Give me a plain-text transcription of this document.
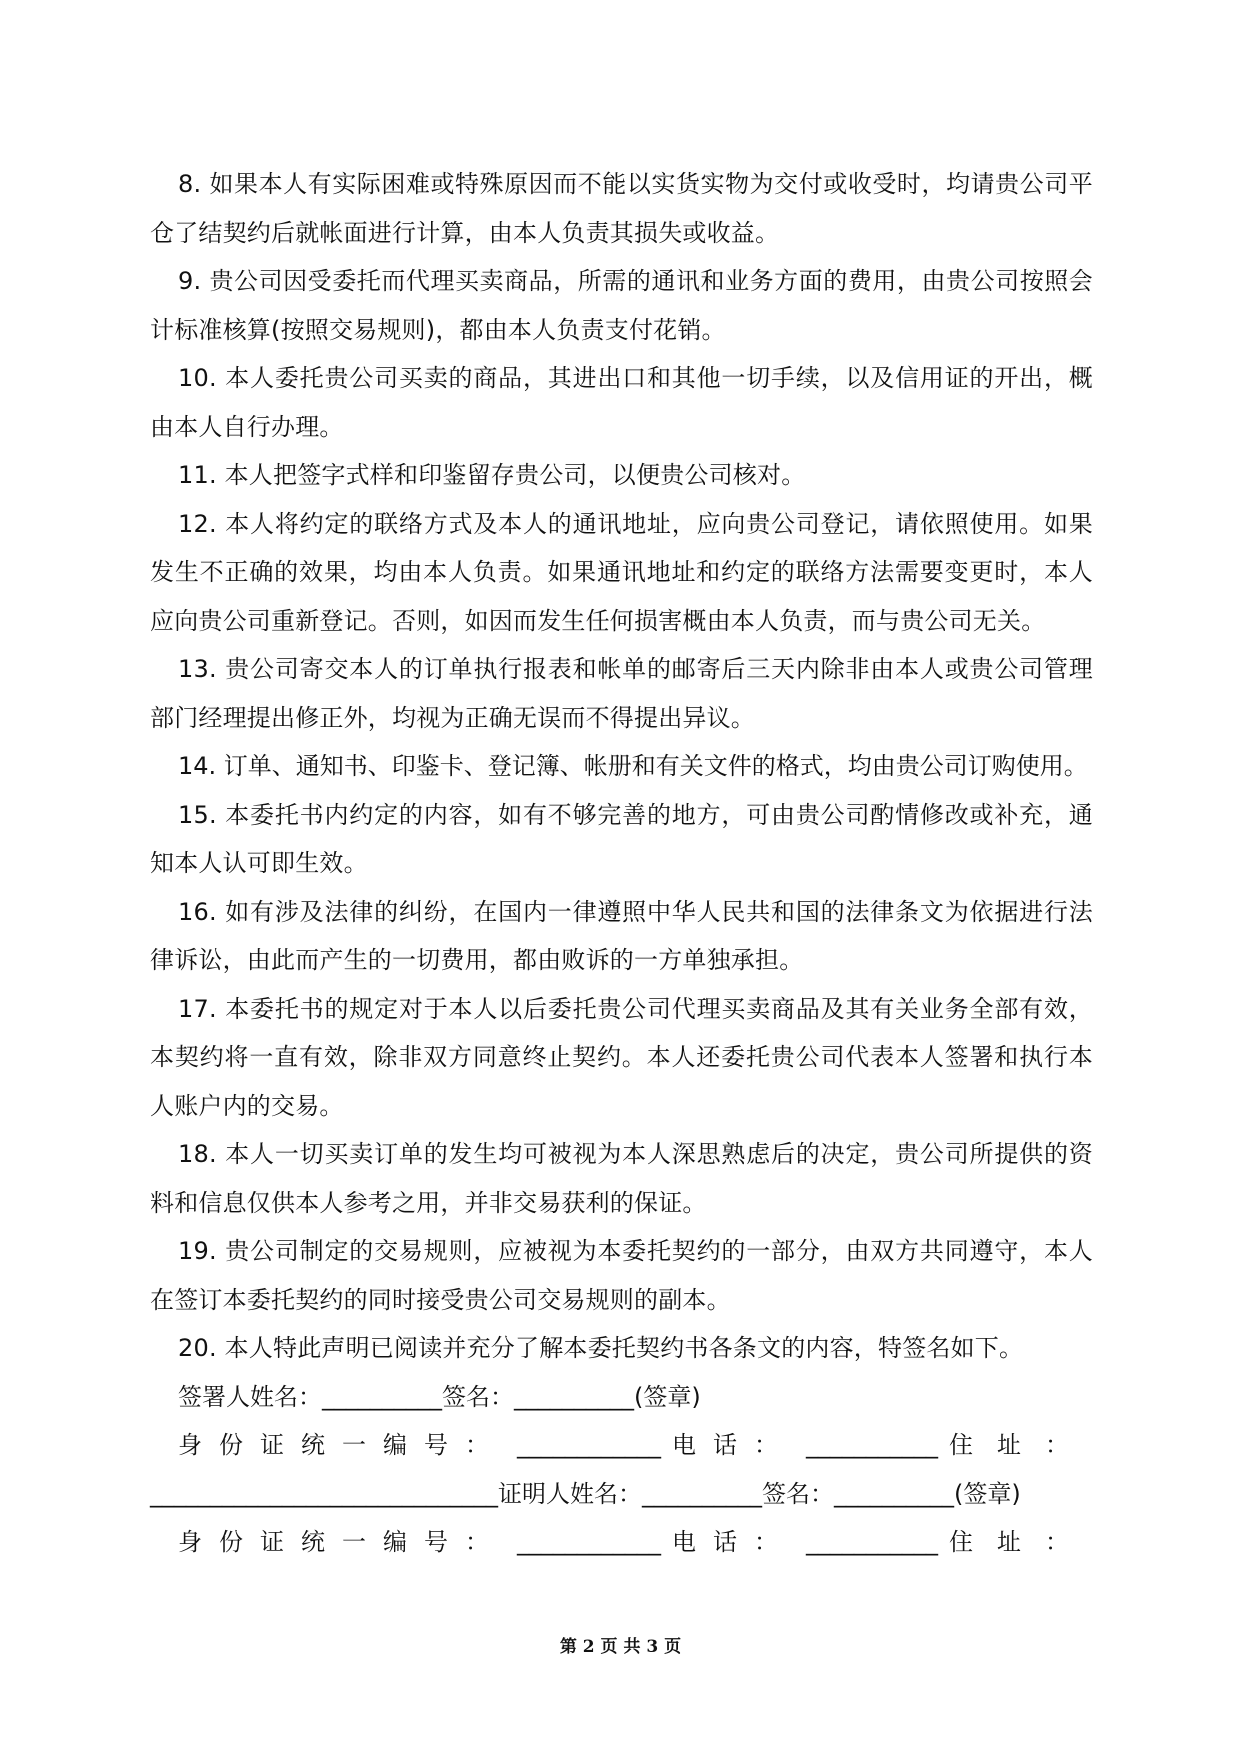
8. 如果本人有实际困难或特殊原因而不能以实货实物为交付或收受时，均请贵公司平仓了结契约后就帐面进行计算，由本人负责其损失或收益。

9. 贵公司因受委托而代理买卖商品，所需的通讯和业务方面的费用，由贵公司按照会计标准核算(按照交易规则)，都由本人负责支付花销。

10. 本人委托贵公司买卖的商品，其进出口和其他一切手续，以及信用证的开出，概由本人自行办理。

11. 本人把签字式样和印鉴留存贵公司，以便贵公司核对。

12. 本人将约定的联络方式及本人的通讯地址，应向贵公司登记，请依照使用。如果发生不正确的效果，均由本人负责。如果通讯地址和约定的联络方法需要变更时，本人应向贵公司重新登记。否则，如因而发生任何损害概由本人负责，而与贵公司无关。

13. 贵公司寄交本人的订单执行报表和帐单的邮寄后三天内除非由本人或贵公司管理部门经理提出修正外，均视为正确无误而不得提出异议。

14. 订单、通知书、印鉴卡、登记簿、帐册和有关文件的格式，均由贵公司订购使用。

15. 本委托书内约定的内容，如有不够完善的地方，可由贵公司酌情修改或补充，通知本人认可即生效。

16. 如有涉及法律的纠纷，在国内一律遵照中华人民共和国的法律条文为依据进行法律诉讼，由此而产生的一切费用，都由败诉的一方单独承担。

17. 本委托书的规定对于本人以后委托贵公司代理买卖商品及其有关业务全部有效，本契约将一直有效，除非双方同意终止契约。本人还委托贵公司代表本人签署和执行本人账户内的交易。

18. 本人一切买卖订单的发生均可被视为本人深思熟虑后的决定，贵公司所提供的资料和信息仅供本人参考之用，并非交易获利的保证。

19. 贵公司制定的交易规则，应被视为本委托契约的一部分，由双方共同遵守，本人在签订本委托契约的同时接受贵公司交易规则的副本。

20. 本人特此声明已阅读并充分了解本委托契约书各条文的内容，特签名如下。

签署人姓名：__________签名：__________(签章)

身份证统一编号： ____________ 电话： ___________ 住址：

_____________________________证明人姓名：__________签名：__________(签章)

身份证统一编号： ____________ 电话： ___________ 住址：
第 2 页 共 3 页
